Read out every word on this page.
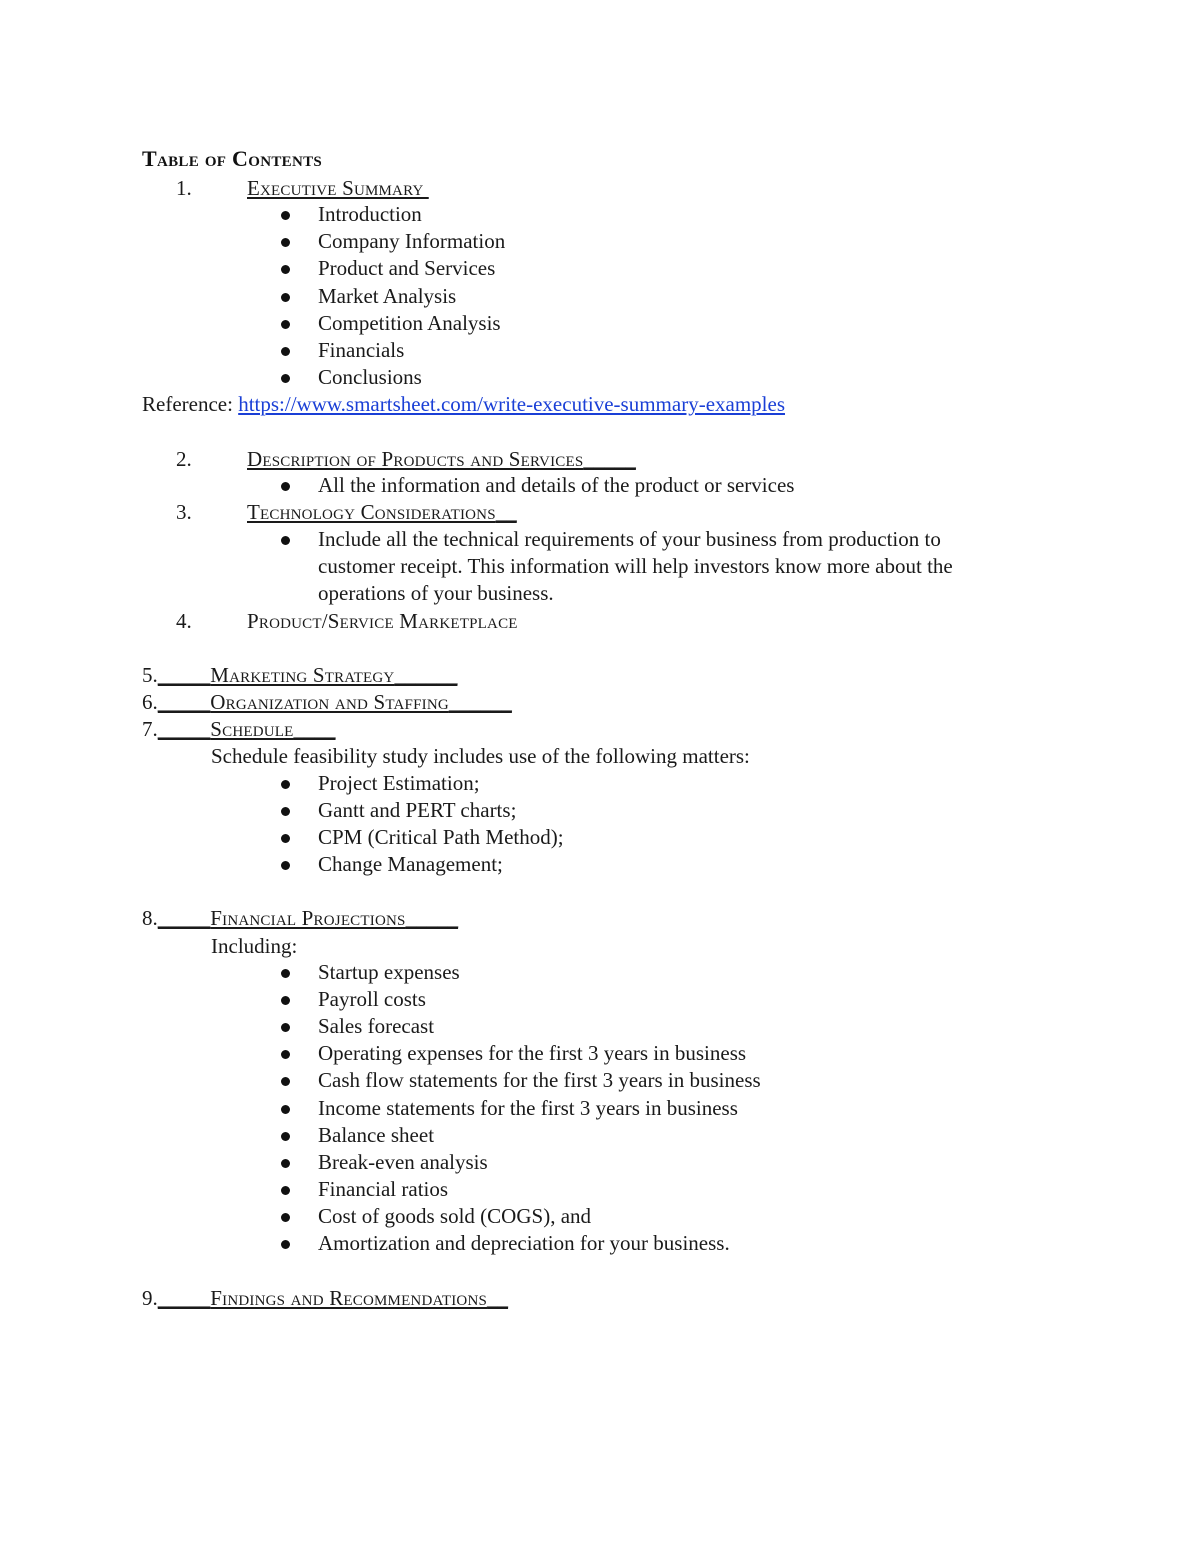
Table of Contents
1.	Executive Summary
Introduction
Company Information
Product and Services
Market Analysis
Competition Analysis
Financials
Conclusions
Reference: https://www.smartsheet.com/write-executive-summary-examples
2.	Description of Products and Services_____
All the information and details of the product or services
3.	Technology Considerations__
Include all the technical requirements of your business from production to
customer receipt. This information will help investors know more about the
operations of your business.
4.	Product/Service Marketplace
5._____Marketing Strategy______
6._____Organization and Staffing______
7._____Schedule____
Schedule feasibility study includes use of the following matters:
Project Estimation;
Gantt and PERT charts;
CPM (Critical Path Method);
Change Management;
8._____Financial Projections_____
Including:
Startup expenses
Payroll costs
Sales forecast
Operating expenses for the first 3 years in business
Cash flow statements for the first 3 years in business
Income statements for the first 3 years in business
Balance sheet
Break-even analysis
Financial ratios
Cost of goods sold (COGS), and
Amortization and depreciation for your business.
9._____Findings and Recommendations__
